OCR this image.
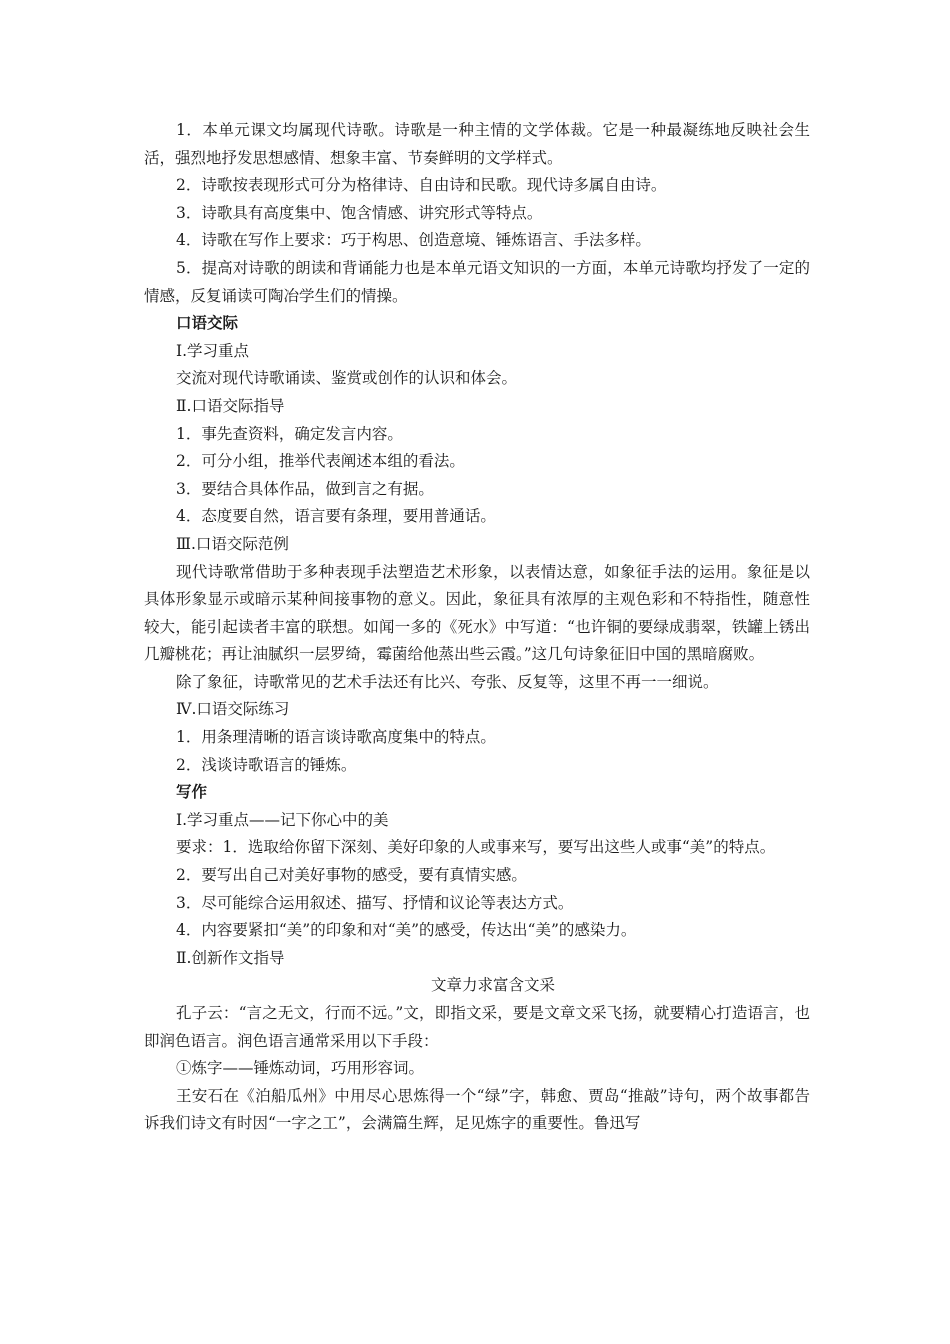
1．本单元课文均属现代诗歌。诗歌是一种主情的文学体裁。它是一种最凝练地反映社会生活，强烈地抒发思想感情、想象丰富、节奏鲜明的文学样式。

2．诗歌按表现形式可分为格律诗、自由诗和民歌。现代诗多属自由诗。

3．诗歌具有高度集中、饱含情感、讲究形式等特点。

4．诗歌在写作上要求：巧于构思、创造意境、锤炼语言、手法多样。

5．提高对诗歌的朗读和背诵能力也是本单元语文知识的一方面，本单元诗歌均抒发了一定的情感，反复诵读可陶冶学生们的情操。

口语交际

Ⅰ.学习重点

交流对现代诗歌诵读、鉴赏或创作的认识和体会。

Ⅱ.口语交际指导

1．事先查资料，确定发言内容。

2．可分小组，推举代表阐述本组的看法。

3．要结合具体作品，做到言之有据。

4．态度要自然，语言要有条理，要用普通话。

Ⅲ.口语交际范例

现代诗歌常借助于多种表现手法塑造艺术形象，以表情达意，如象征手法的运用。象征是以具体形象显示或暗示某种间接事物的意义。因此，象征具有浓厚的主观色彩和不特指性，随意性较大，能引起读者丰富的联想。如闻一多的《死水》中写道：“也许铜的要绿成翡翠，铁罐上锈出几瓣桃花；再让油腻织一层罗绮，霉菌给他蒸出些云霞。”这几句诗象征旧中国的黑暗腐败。

除了象征，诗歌常见的艺术手法还有比兴、夸张、反复等，这里不再一一细说。

Ⅳ.口语交际练习

1．用条理清晰的语言谈诗歌高度集中的特点。

2．浅谈诗歌语言的锤炼。

写作

Ⅰ.学习重点——记下你心中的美

要求：1．选取给你留下深刻、美好印象的人或事来写，要写出这些人或事“美”的特点。

2．要写出自己对美好事物的感受，要有真情实感。

3．尽可能综合运用叙述、描写、抒情和议论等表达方式。

4．内容要紧扣“美”的印象和对“美”的感受，传达出“美”的感染力。

Ⅱ.创新作文指导

文章力求富含文采

孔子云：“言之无文，行而不远。”文，即指文采，要是文章文采飞扬，就要精心打造语言，也即润色语言。润色语言通常采用以下手段：

①炼字——锤炼动词，巧用形容词。

王安石在《泊船瓜州》中用尽心思炼得一个“绿”字，韩愈、贾岛“推敲”诗句，两个故事都告诉我们诗文有时因“一字之工”，会满篇生辉，足见炼字的重要性。鲁迅写
